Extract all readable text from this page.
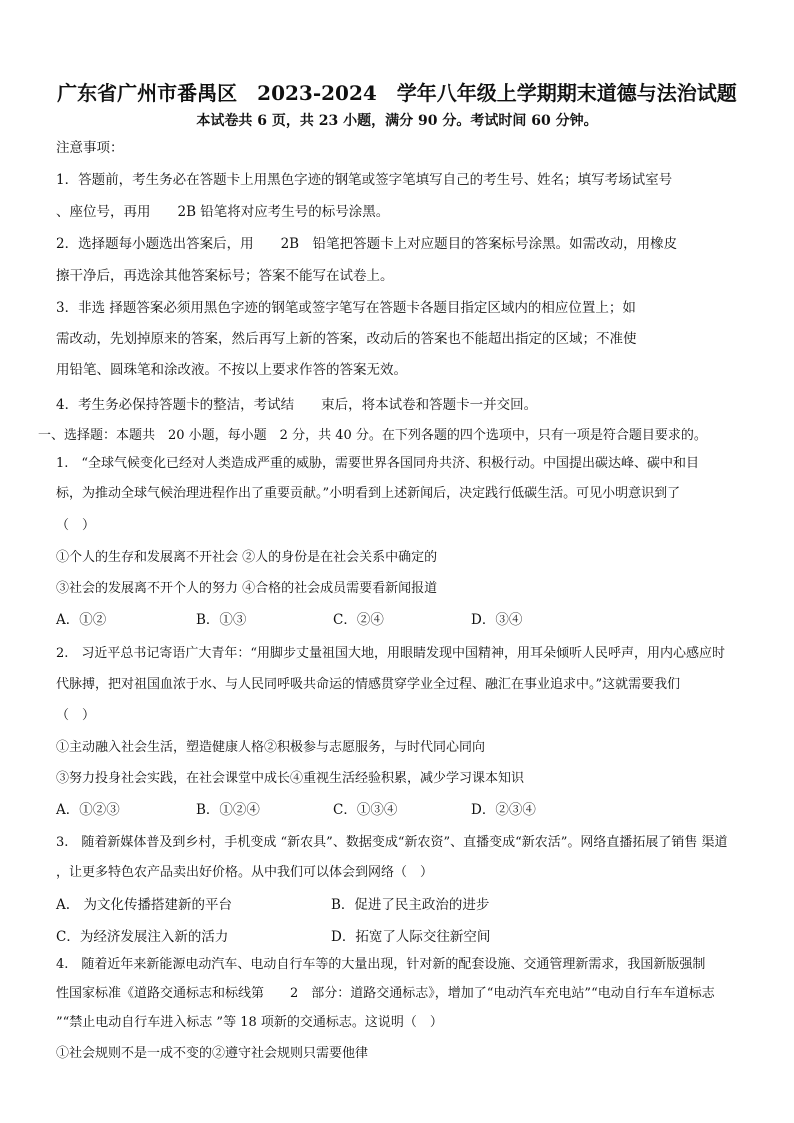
广东省广州市番禺区　2023-2024　学年八年级上学期期末道德与法治试题
本试卷共 6 页，共 23 小题，满分 90 分。考试时间 60 分钟。
注意事项：
1．答题前，考生务必在答题卡上用黑色字迹的钢笔或签字笔填写自己的考生号、姓名；填写考场试室号
、座位号，再用　　2B 铅笔将对应考生号的标号涂黑。
2．选择题每小题选出答案后，用　　2B　铅笔把答题卡上对应题目的答案标号涂黑。如需改动，用橡皮
擦干净后，再选涂其他答案标号；答案不能写在试卷上。
3．非选 择题答案必须用黑色字迹的钢笔或签字笔写在答题卡各题目指定区域内的相应位置上；如
需改动，先划掉原来的答案，然后再写上新的答案，改动后的答案也不能超出指定的区域；不准使
用铅笔、圆珠笔和涂改液。不按以上要求作答的答案无效。
4．考生务必保持答题卡的整洁，考试结　　束后，将本试卷和答题卡一并交回。
一、选择题：本题共　20 小题，每小题　2 分，共 40 分。在下列各题的四个选项中，只有一项是符合题目要求的。
1.　“全球气候变化已经对人类造成严重的威胁，需要世界各国同舟共济、积极行动。中国提出碳达峰、碳中和目
标，为推动全球气候治理进程作出了重要贡献。”小明看到上述新闻后，决定践行低碳生活。可见小明意识到了
（　）
①个人的生存和发展离不开社会 ②人的身份是在社会关系中确定的
③社会的发展离不开个人的努力 ④合格的社会成员需要看新闻报道
A．①②	B．①③	C．②④	D．③④
2.　习近平总书记寄语广大青年：“用脚步丈量祖国大地，用眼睛发现中国精神，用耳朵倾听人民呼声，用内心感应时
代脉搏，把对祖国血浓于水、与人民同呼吸共命运的情感贯穿学业全过程、融汇在事业追求中。”这就需要我们
（　）
①主动融入社会生活，塑造健康人格②积极参与志愿服务，与时代同心同向
③努力投身社会实践，在社会课堂中成长④重视生活经验积累，减少学习课本知识
A．①②③	B．①②④	C．①③④	D．②③④
3.　随着新媒体普及到乡村，手机变成 “新农具”、数据变成“新农资”、直播变成“新农活”。网络直播拓展了销售 渠道
，让更多特色农产品卖出好价格。从中我们可以体会到网络（　）
A.　为文化传播搭建新的平台	B．促进了民主政治的进步
C．为经济发展注入新的活力	D．拓宽了人际交往新空间
4.　随着近年来新能源电动汽车、电动自行车等的大量出现，针对新的配套设施、交通管理新需求，我国新版强制
性国家标准《道路交通标志和标线第　　2　部分：道路交通标志》，增加了“电动汽车充电站”“电动自行车车道标志
”“禁止电动自行车进入标志 ”等 18 项新的交通标志。这说明（　）
①社会规则不是一成不变的②遵守社会规则只需要他律
